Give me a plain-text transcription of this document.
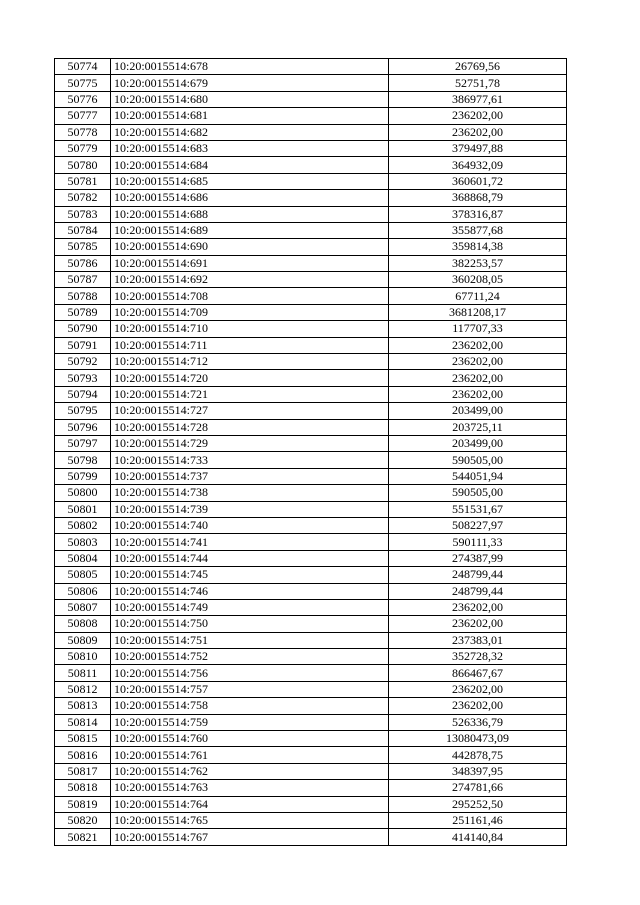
50774	10:20:0015514:678	26769,56
50775	10:20:0015514:679	52751,78
50776	10:20:0015514:680	386977,61
50777	10:20:0015514:681	236202,00
50778	10:20:0015514:682	236202,00
50779	10:20:0015514:683	379497,88
50780	10:20:0015514:684	364932,09
50781	10:20:0015514:685	360601,72
50782	10:20:0015514:686	368868,79
50783	10:20:0015514:688	378316,87
50784	10:20:0015514:689	355877,68
50785	10:20:0015514:690	359814,38
50786	10:20:0015514:691	382253,57
50787	10:20:0015514:692	360208,05
50788	10:20:0015514:708	67711,24
50789	10:20:0015514:709	3681208,17
50790	10:20:0015514:710	117707,33
50791	10:20:0015514:711	236202,00
50792	10:20:0015514:712	236202,00
50793	10:20:0015514:720	236202,00
50794	10:20:0015514:721	236202,00
50795	10:20:0015514:727	203499,00
50796	10:20:0015514:728	203725,11
50797	10:20:0015514:729	203499,00
50798	10:20:0015514:733	590505,00
50799	10:20:0015514:737	544051,94
50800	10:20:0015514:738	590505,00
50801	10:20:0015514:739	551531,67
50802	10:20:0015514:740	508227,97
50803	10:20:0015514:741	590111,33
50804	10:20:0015514:744	274387,99
50805	10:20:0015514:745	248799,44
50806	10:20:0015514:746	248799,44
50807	10:20:0015514:749	236202,00
50808	10:20:0015514:750	236202,00
50809	10:20:0015514:751	237383,01
50810	10:20:0015514:752	352728,32
50811	10:20:0015514:756	866467,67
50812	10:20:0015514:757	236202,00
50813	10:20:0015514:758	236202,00
50814	10:20:0015514:759	526336,79
50815	10:20:0015514:760	13080473,09
50816	10:20:0015514:761	442878,75
50817	10:20:0015514:762	348397,95
50818	10:20:0015514:763	274781,66
50819	10:20:0015514:764	295252,50
50820	10:20:0015514:765	251161,46
50821	10:20:0015514:767	414140,84
